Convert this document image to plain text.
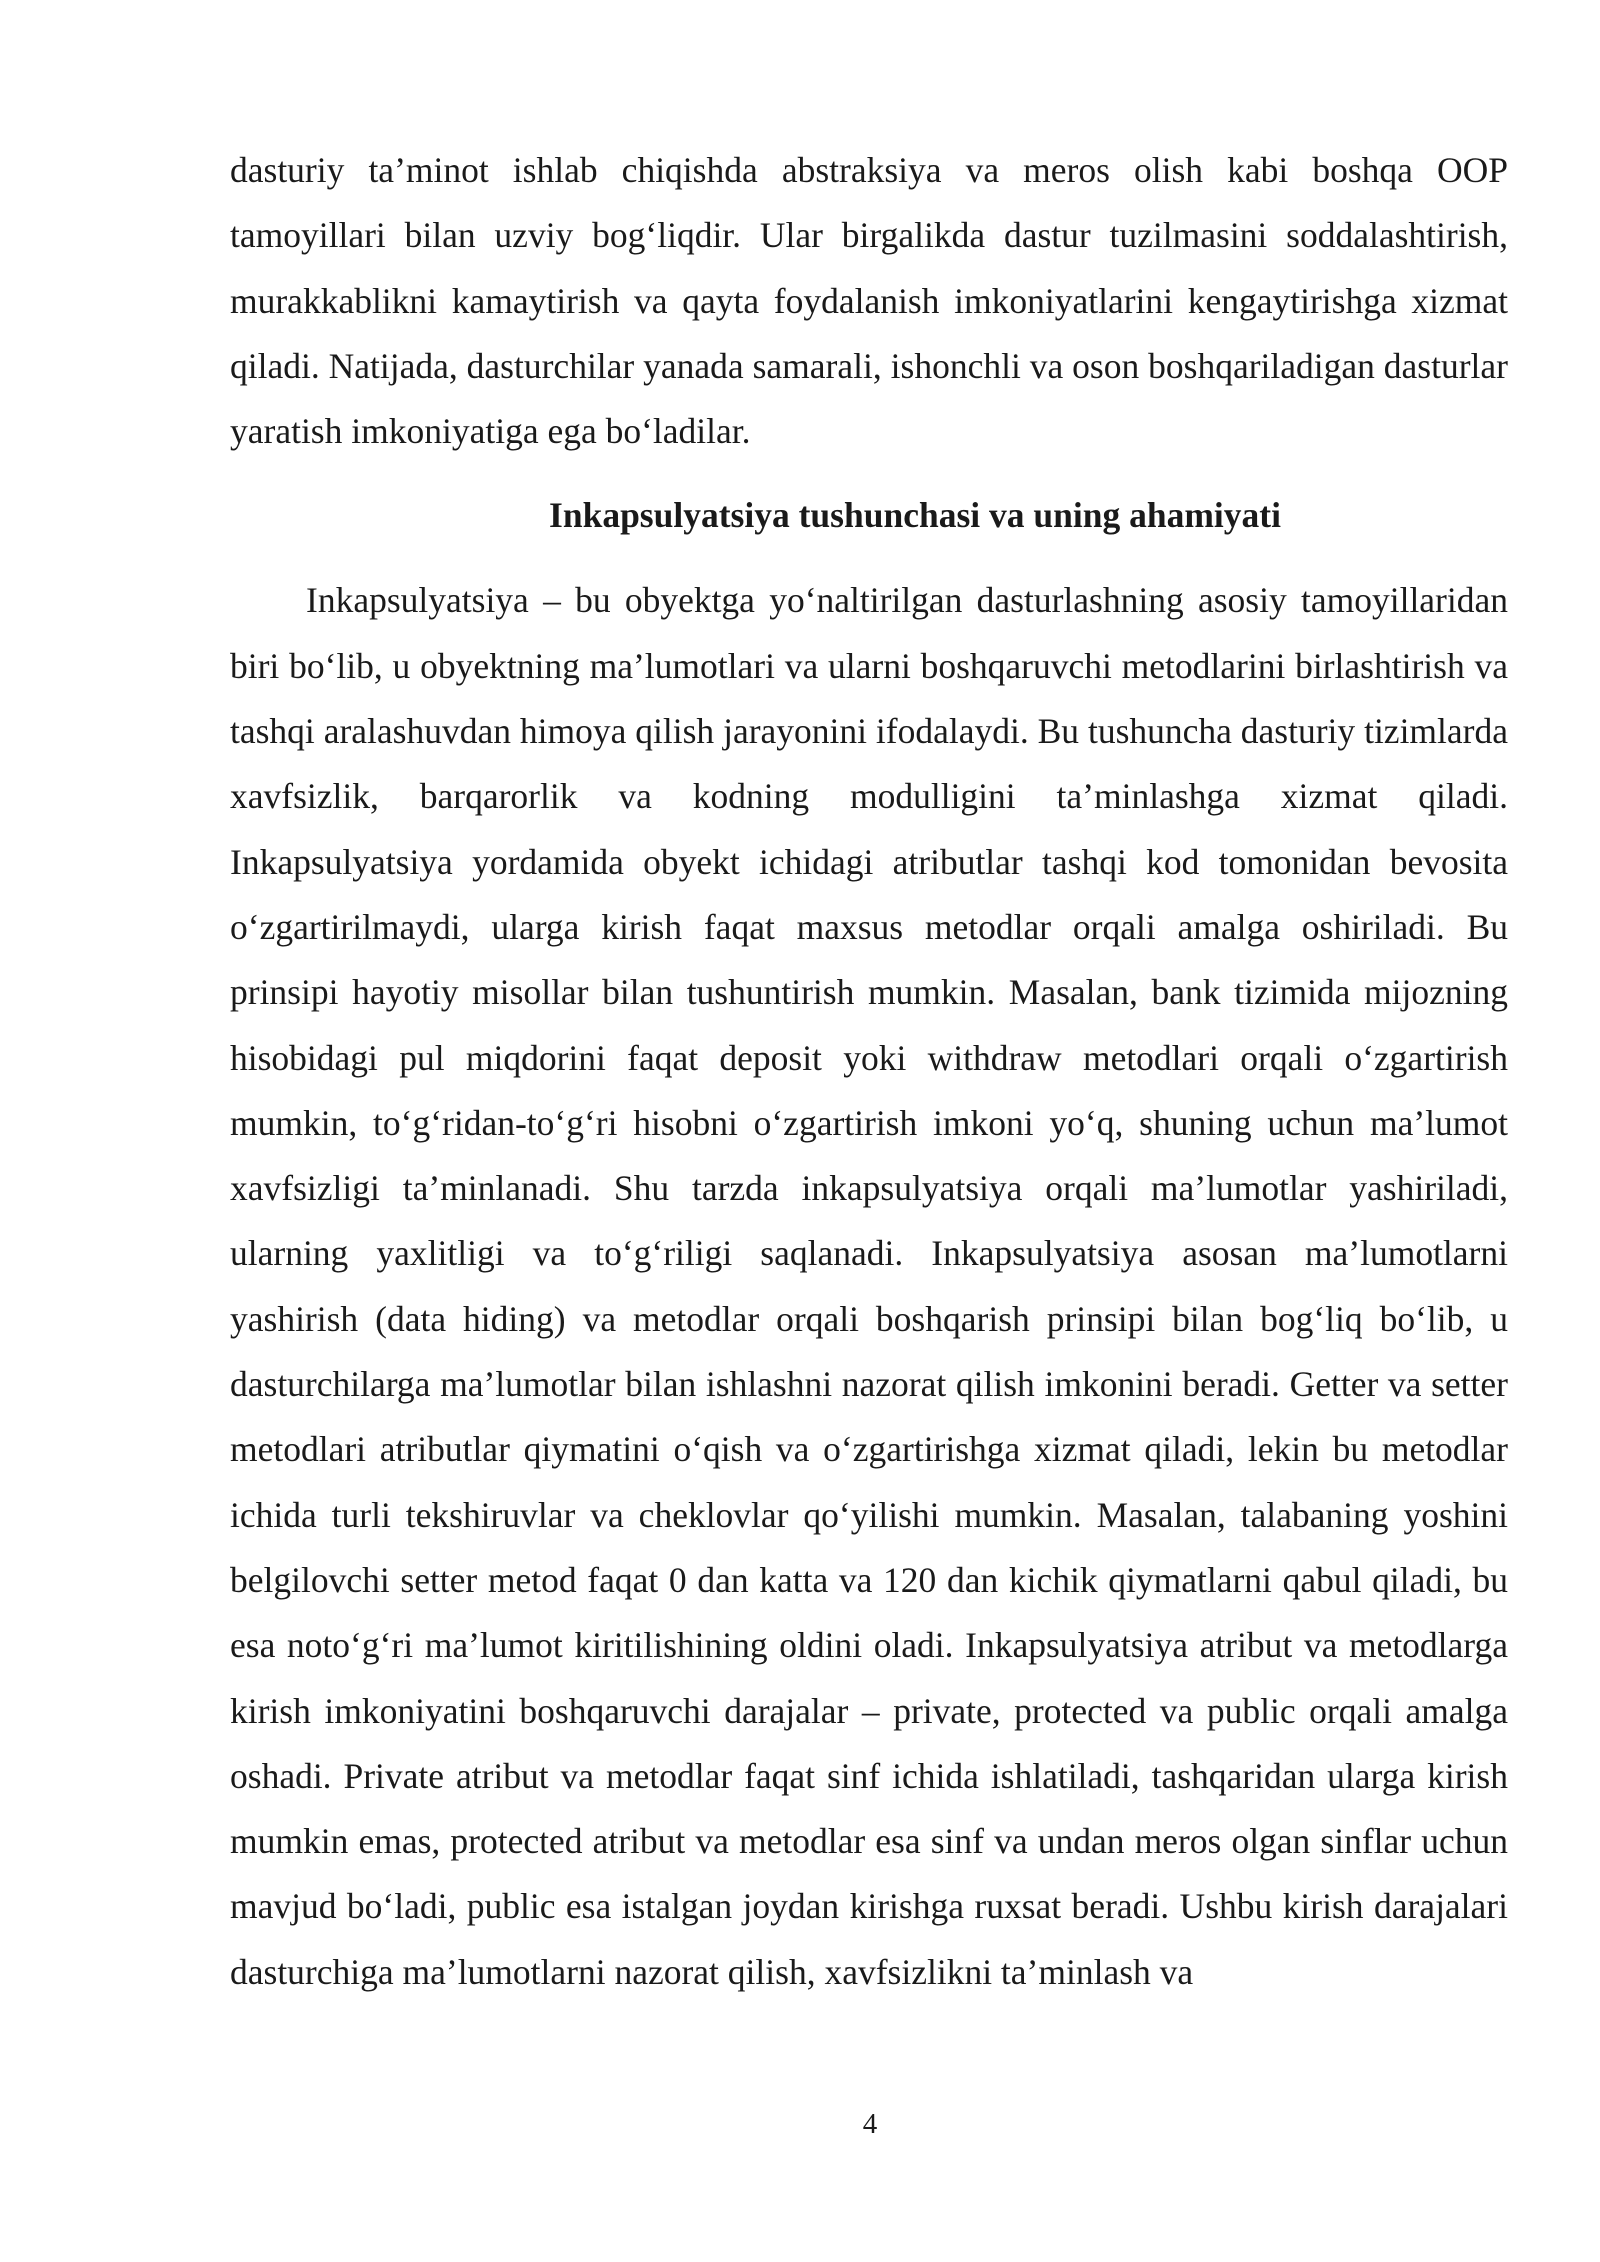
dasturiy ta’minot ishlab chiqishda abstraksiya va meros olish kabi boshqa OOP tamoyillari bilan uzviy bog‘liqdir. Ular birgalikda dastur tuzilmasini soddalashtirish, murakkablikni kamaytirish va qayta foydalanish imkoniyatlarini kengaytirishga xizmat qiladi. Natijada, dasturchilar yanada samarali, ishonchli va oson boshqariladigan dasturlar yaratish imkoniyatiga ega bo‘ladilar.

Inkapsulyatsiya tushunchasi va uning ahamiyati

Inkapsulyatsiya – bu obyektga yo‘naltirilgan dasturlashning asosiy tamoyillaridan biri bo‘lib, u obyektning ma’lumotlari va ularni boshqaruvchi metodlarini birlashtirish va tashqi aralashuvdan himoya qilish jarayonini ifodalaydi. Bu tushuncha dasturiy tizimlarda xavfsizlik, barqarorlik va kodning modulligini ta’minlashga xizmat qiladi. Inkapsulyatsiya yordamida obyekt ichidagi atributlar tashqi kod tomonidan bevosita o‘zgartirilmaydi, ularga kirish faqat maxsus metodlar orqali amalga oshiriladi. Bu prinsipi hayotiy misollar bilan tushuntirish mumkin. Masalan, bank tizimida mijozning hisobidagi pul miqdorini faqat deposit yoki withdraw metodlari orqali o‘zgartirish mumkin, to‘g‘ridan-to‘g‘ri hisobni o‘zgartirish imkoni yo‘q, shuning uchun ma’lumot xavfsizligi ta’minlanadi. Shu tarzda inkapsulyatsiya orqali ma’lumotlar yashiriladi, ularning yaxlitligi va to‘g‘riligi saqlanadi. Inkapsulyatsiya asosan ma’lumotlarni yashirish (data hiding) va metodlar orqali boshqarish prinsipi bilan bog‘liq bo‘lib, u dasturchilarga ma’lumotlar bilan ishlashni nazorat qilish imkonini beradi. Getter va setter metodlari atributlar qiymatini o‘qish va o‘zgartirishga xizmat qiladi, lekin bu metodlar ichida turli tekshiruvlar va cheklovlar qo‘yilishi mumkin. Masalan, talabaning yoshini belgilovchi setter metod faqat 0 dan katta va 120 dan kichik qiymatlarni qabul qiladi, bu esa noto‘g‘ri ma’lumot kiritilishining oldini oladi. Inkapsulyatsiya atribut va metodlarga kirish imkoniyatini boshqaruvchi darajalar – private, protected va public orqali amalga oshadi. Private atribut va metodlar faqat sinf ichida ishlatiladi, tashqaridan ularga kirish mumkin emas, protected atribut va metodlar esa sinf va undan meros olgan sinflar uchun mavjud bo‘ladi, public esa istalgan joydan kirishga ruxsat beradi. Ushbu kirish darajalari dasturchiga ma’lumotlarni nazorat qilish, xavfsizlikni ta’minlash va

4
